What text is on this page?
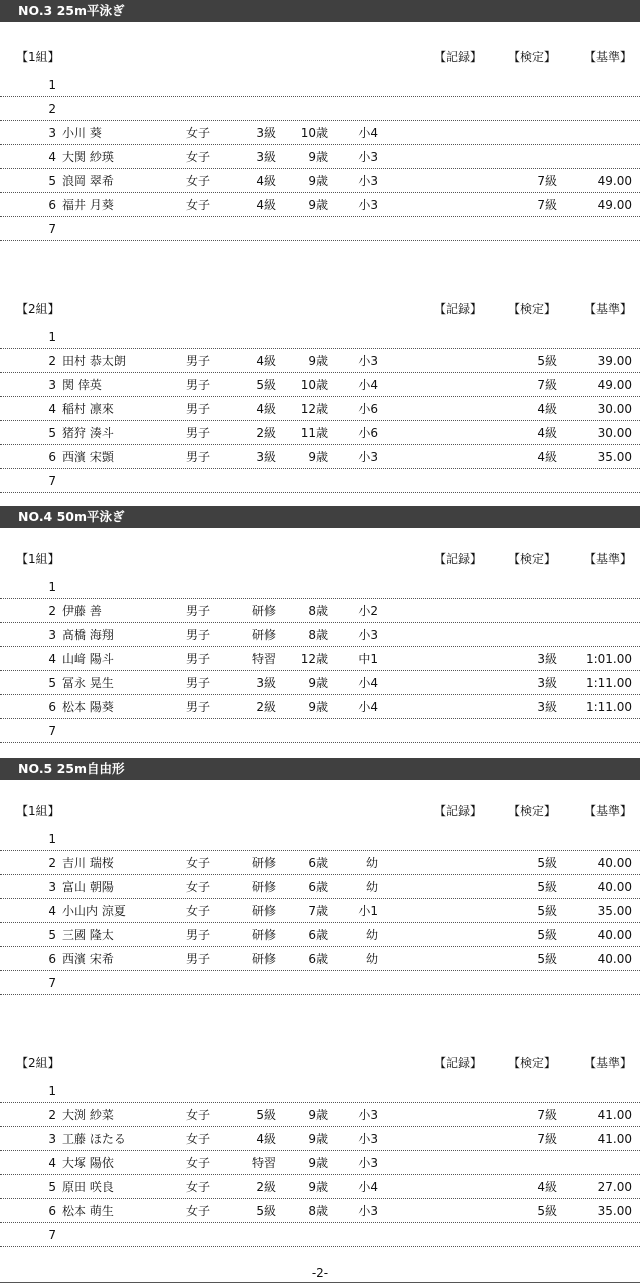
NO.3 25m平泳ぎ
【1組】	【記録】 【検定】 【基準】
1
2
3 小川 葵	女子	3級	10歳	小4
4 大関 紗瑛	女子	3級	9歳	小3
5 浪岡 翠希	女子	4級	9歳	小3	7級	49.00
6 福井 月葵	女子	4級	9歳	小3	7級	49.00
7
【2組】	【記録】 【検定】 【基準】
1
2 田村 恭太朗	男子	4級	9歳	小3	5級	39.00
3 関 倖英	男子	5級	10歳	小4	7級	49.00
4 稲村 凛來	男子	4級	12歳	小6	4級	30.00
5 猪狩 湊斗	男子	2級	11歳	小6	4級	30.00
6 西濱 宋顗	男子	3級	9歳	小3	4級	35.00
7
NO.4 50m平泳ぎ
【1組】	【記録】 【検定】 【基準】
1
2 伊藤 善	男子	研修	8歳	小2
3 髙橋 海翔	男子	研修	8歳	小3
4 山﨑 陽斗	男子	特習	12歳	中1	3級	1:01.00
5 冨永 晃生	男子	3級	9歳	小4	3級	1:11.00
6 松本 陽葵	男子	2級	9歳	小4	3級	1:11.00
7
NO.5 25m自由形
【1組】	【記録】 【検定】 【基準】
1
2 吉川 瑞桜	女子	研修	6歳	幼	5級	40.00
3 富山 朝陽	女子	研修	6歳	幼	5級	40.00
4 小山内 涼夏	女子	研修	7歳	小1	5級	35.00
5 三國 隆太	男子	研修	6歳	幼	5級	40.00
6 西濱 宋希	男子	研修	6歳	幼	5級	40.00
7
【2組】	【記録】 【検定】 【基準】
1
2 大渕 紗菜	女子	5級	9歳	小3	7級	41.00
3 工藤 ほたる	女子	4級	9歳	小3	7級	41.00
4 大塚 陽依	女子	特習	9歳	小3
5 原田 咲良	女子	2級	9歳	小4	4級	27.00
6 松本 萌生	女子	5級	8歳	小3	5級	35.00
7
-2-
